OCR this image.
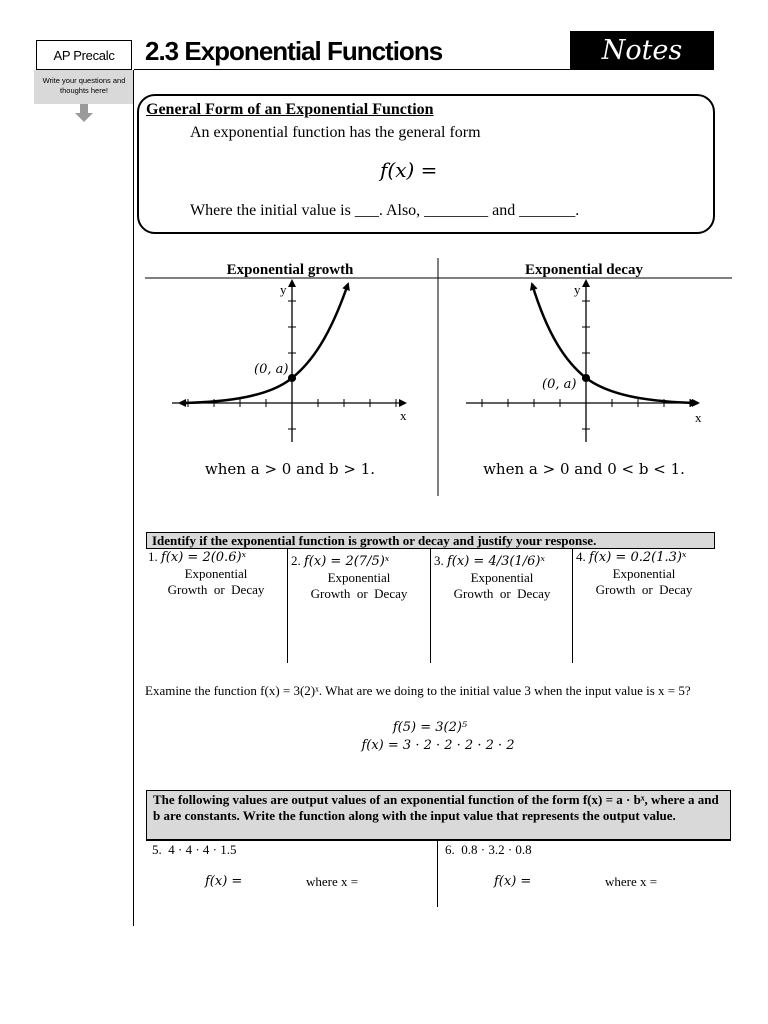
AP Precalc
Write your questions and thoughts here!
2.3 Exponential Functions	Notes
General Form of an Exponential Function
An exponential function has the general form
f(x) =
Where the initial value is ___. Also, ________ and _______.
Exponential growth	Exponential decay
(0, a)
x
y
when a > 0 and b > 1.
(0, a)
x
y
when a > 0 and 0 < b < 1.
Identify if the exponential function is growth or decay and justify your response.
1. f(x) = 2(0.6)ˣ
Exponential
Growth  or  Decay
2. f(x) = 2(7/5)ˣ
Exponential
Growth  or  Decay
3. f(x) = 4/3(1/6)ˣ
Exponential
Growth  or  Decay
4. f(x) = 0.2(1.3)ˣ
Exponential
Growth  or  Decay
Examine the function f(x) = 3(2)ˣ. What are we doing to the initial value 3 when the input value is x = 5?
f(5) = 3(2)⁵
f(x) = 3 · 2 · 2 · 2 · 2 · 2
The following values are output values of an exponential function of the form f(x) = a · bˣ, where a and b are constants. Write the function along with the input value that represents the output value.
5. 4 · 4 · 4 · 1.5
f(x) =	where x =
6. 0.8 · 3.2 · 0.8
f(x) =	where x =
